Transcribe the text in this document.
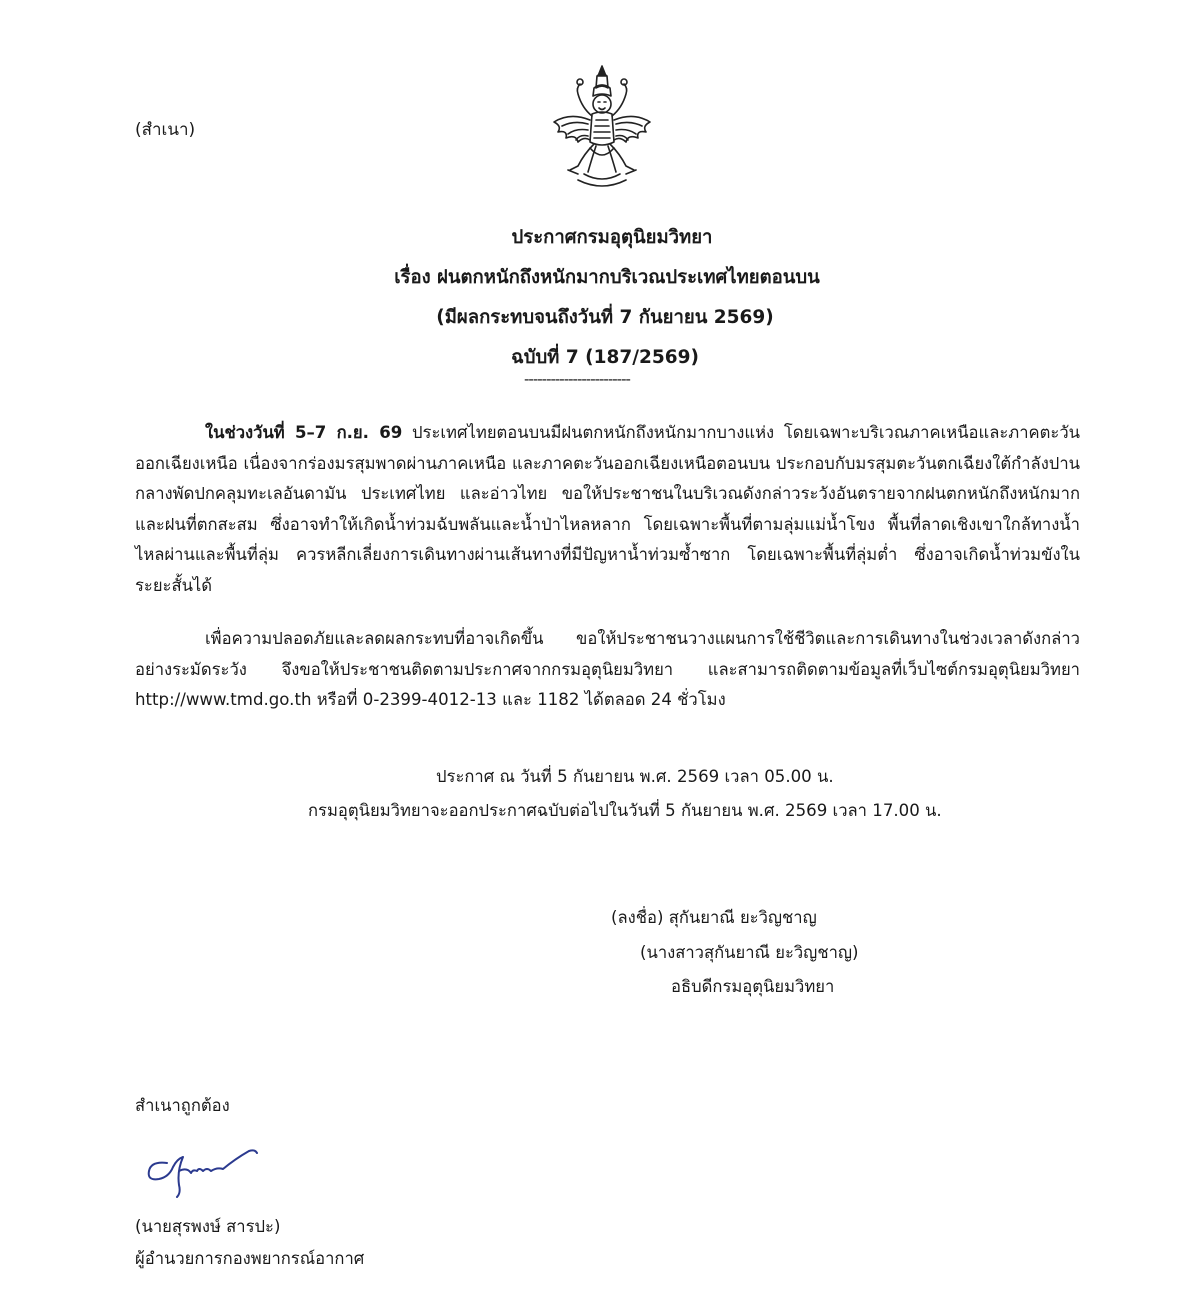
(สำเนา)
ประกาศกรมอุตุนิยมวิทยา
เรื่อง ฝนตกหนักถึงหนักมากบริเวณประเทศไทยตอนบน
(มีผลกระทบจนถึงวันที่ 7 กันยายน 2569)
ฉบับที่ 7 (187/2569)
------------------------
ในช่วงวันที่ 5–7 ก.ย. 69 ประเทศไทยตอนบนมีฝนตกหนักถึงหนักมากบางแห่ง โดยเฉพาะบริเวณภาคเหนือและภาคตะวันออกเฉียงเหนือ เนื่องจากร่องมรสุมพาดผ่านภาคเหนือ และภาคตะวันออกเฉียงเหนือตอนบน ประกอบกับมรสุมตะวันตกเฉียงใต้กำลังปานกลางพัดปกคลุมทะเลอันดามัน ประเทศไทย และอ่าวไทย ขอให้ประชาชนในบริเวณดังกล่าวระวังอันตรายจากฝนตกหนักถึงหนักมากและฝนที่ตกสะสม ซึ่งอาจทำให้เกิดน้ำท่วมฉับพลันและน้ำป่าไหลหลาก โดยเฉพาะพื้นที่ตามลุ่มแม่น้ำโขง พื้นที่ลาดเชิงเขาใกล้ทางน้ำไหลผ่านและพื้นที่ลุ่ม ควรหลีกเลี่ยงการเดินทางผ่านเส้นทางที่มีปัญหาน้ำท่วมซ้ำซาก โดยเฉพาะพื้นที่ลุ่มต่ำ ซึ่งอาจเกิดน้ำท่วมขังในระยะสั้นได้
เพื่อความปลอดภัยและลดผลกระทบที่อาจเกิดขึ้น ขอให้ประชาชนวางแผนการใช้ชีวิตและการเดินทางในช่วงเวลาดังกล่าวอย่างระมัดระวัง จึงขอให้ประชาชนติดตามประกาศจากกรมอุตุนิยมวิทยา และสามารถติดตามข้อมูลที่เว็บไซต์กรมอุตุนิยมวิทยา http://www.tmd.go.th หรือที่ 0-2399-4012-13 และ 1182 ได้ตลอด 24 ชั่วโมง
ประกาศ ณ วันที่ 5 กันยายน พ.ศ. 2569 เวลา 05.00 น.
กรมอุตุนิยมวิทยาจะออกประกาศฉบับต่อไปในวันที่ 5 กันยายน พ.ศ. 2569 เวลา 17.00 น.
(ลงชื่อ) สุกันยาณี ยะวิญชาญ
(นางสาวสุกันยาณี ยะวิญชาญ)
อธิบดีกรมอุตุนิยมวิทยา
สำเนาถูกต้อง
(นายสุรพงษ์ สารปะ)
ผู้อำนวยการกองพยากรณ์อากาศ
